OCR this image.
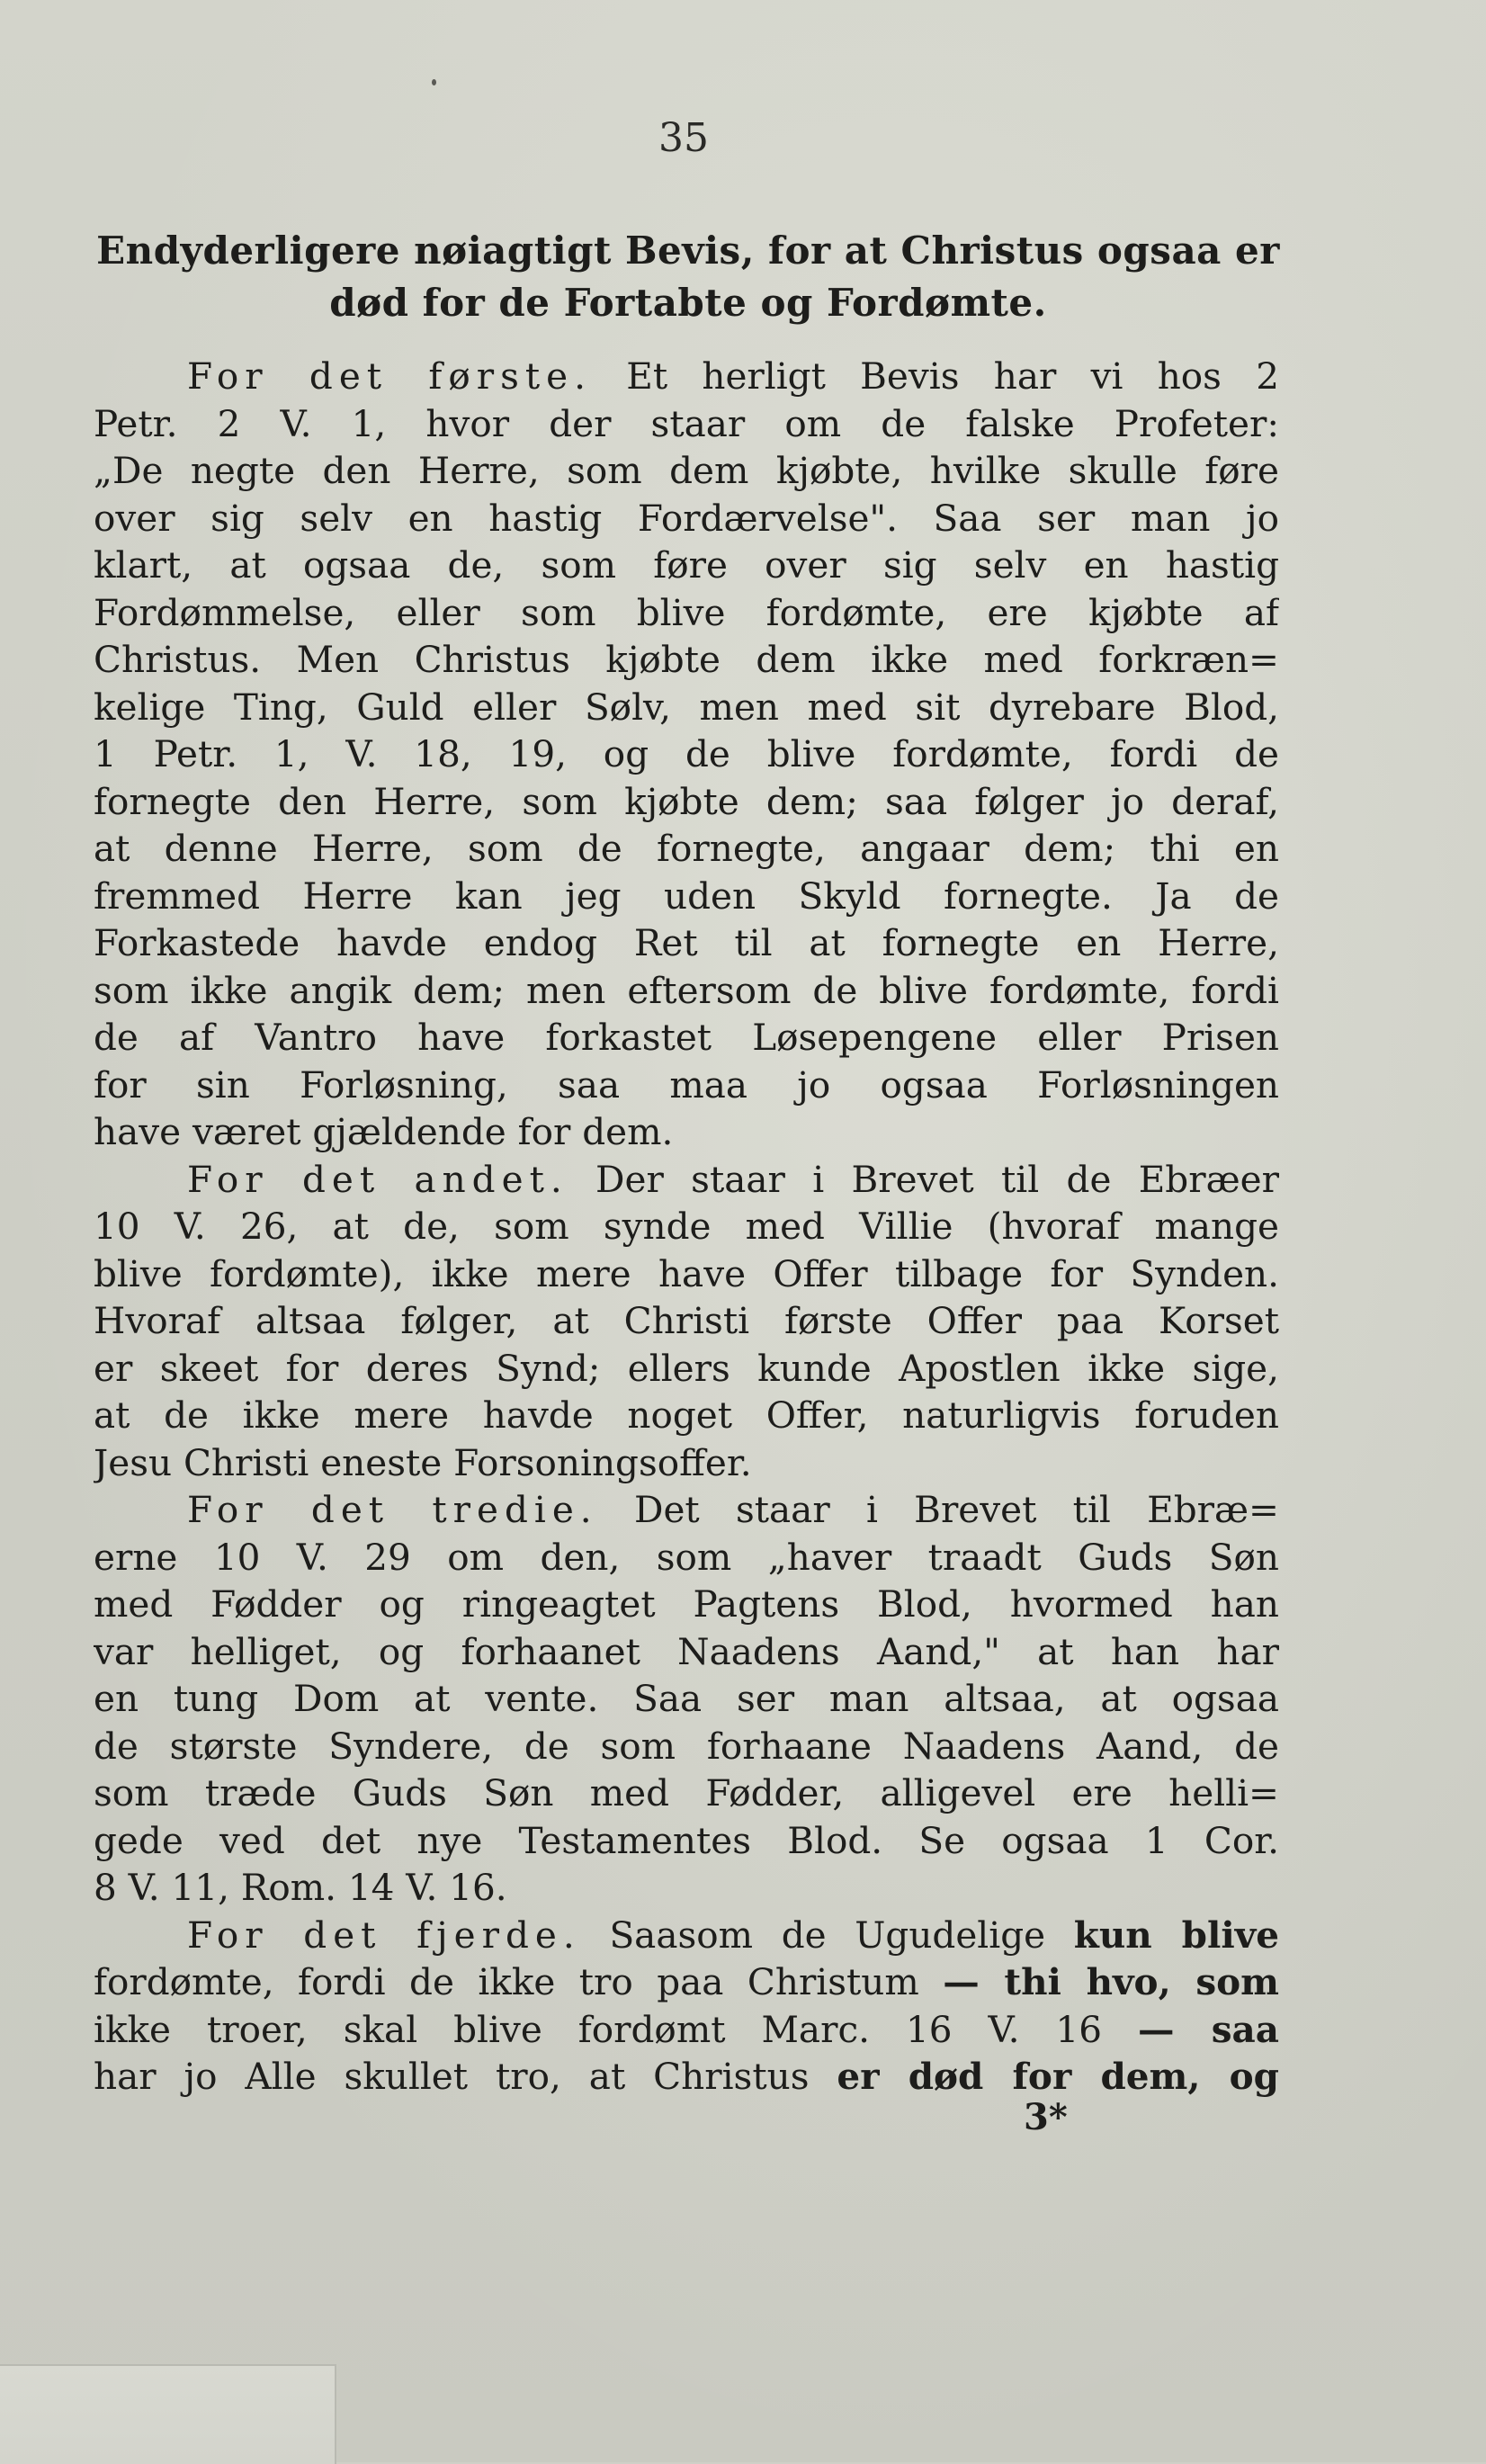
35
Endyderligere nøiagtigt Bevis, for at Christus ogsaa er
død for de Fortabte og Fordømte.
For det første. Et herligt Bevis har vi hos 2
Petr. 2 V. 1, hvor der staar om de falske Profeter:
„De negte den Herre, som dem kjøbte, hvilke skulle føre
over sig selv en hastig Fordærvelse". Saa ser man jo
klart, at ogsaa de, som føre over sig selv en hastig
Fordømmelse, eller som blive fordømte, ere kjøbte af
Christus. Men Christus kjøbte dem ikke med forkræn=
kelige Ting, Guld eller Sølv, men med sit dyrebare Blod,
1 Petr. 1, V. 18, 19, og de blive fordømte, fordi de
fornegte den Herre, som kjøbte dem; saa følger jo deraf,
at denne Herre, som de fornegte, angaar dem; thi en
fremmed Herre kan jeg uden Skyld fornegte. Ja de
Forkastede havde endog Ret til at fornegte en Herre,
som ikke angik dem; men eftersom de blive fordømte, fordi
de af Vantro have forkastet Løsepengene eller Prisen
for sin Forløsning, saa maa jo ogsaa Forløsningen
have været gjældende for dem.
For det andet. Der staar i Brevet til de Ebræer
10 V. 26, at de, som synde med Villie (hvoraf mange
blive fordømte), ikke mere have Offer tilbage for Synden.
Hvoraf altsaa følger, at Christi første Offer paa Korset
er skeet for deres Synd; ellers kunde Apostlen ikke sige,
at de ikke mere havde noget Offer, naturligvis foruden
Jesu Christi eneste Forsoningsoffer.
For det tredie. Det staar i Brevet til Ebræ=
erne 10 V. 29 om den, som „haver traadt Guds Søn
med Fødder og ringeagtet Pagtens Blod, hvormed han
var helliget, og forhaanet Naadens Aand," at han har
en tung Dom at vente. Saa ser man altsaa, at ogsaa
de største Syndere, de som forhaane Naadens Aand, de
som træde Guds Søn med Fødder, alligevel ere helli=
gede ved det nye Testamentes Blod. Se ogsaa 1 Cor.
8 V. 11, Rom. 14 V. 16.
For det fjerde. Saasom de Ugudelige kun blive
fordømte, fordi de ikke tro paa Christum — thi hvo, som
ikke troer, skal blive fordømt Marc. 16 V. 16 — saa
har jo Alle skullet tro, at Christus er død for dem, og
3*
